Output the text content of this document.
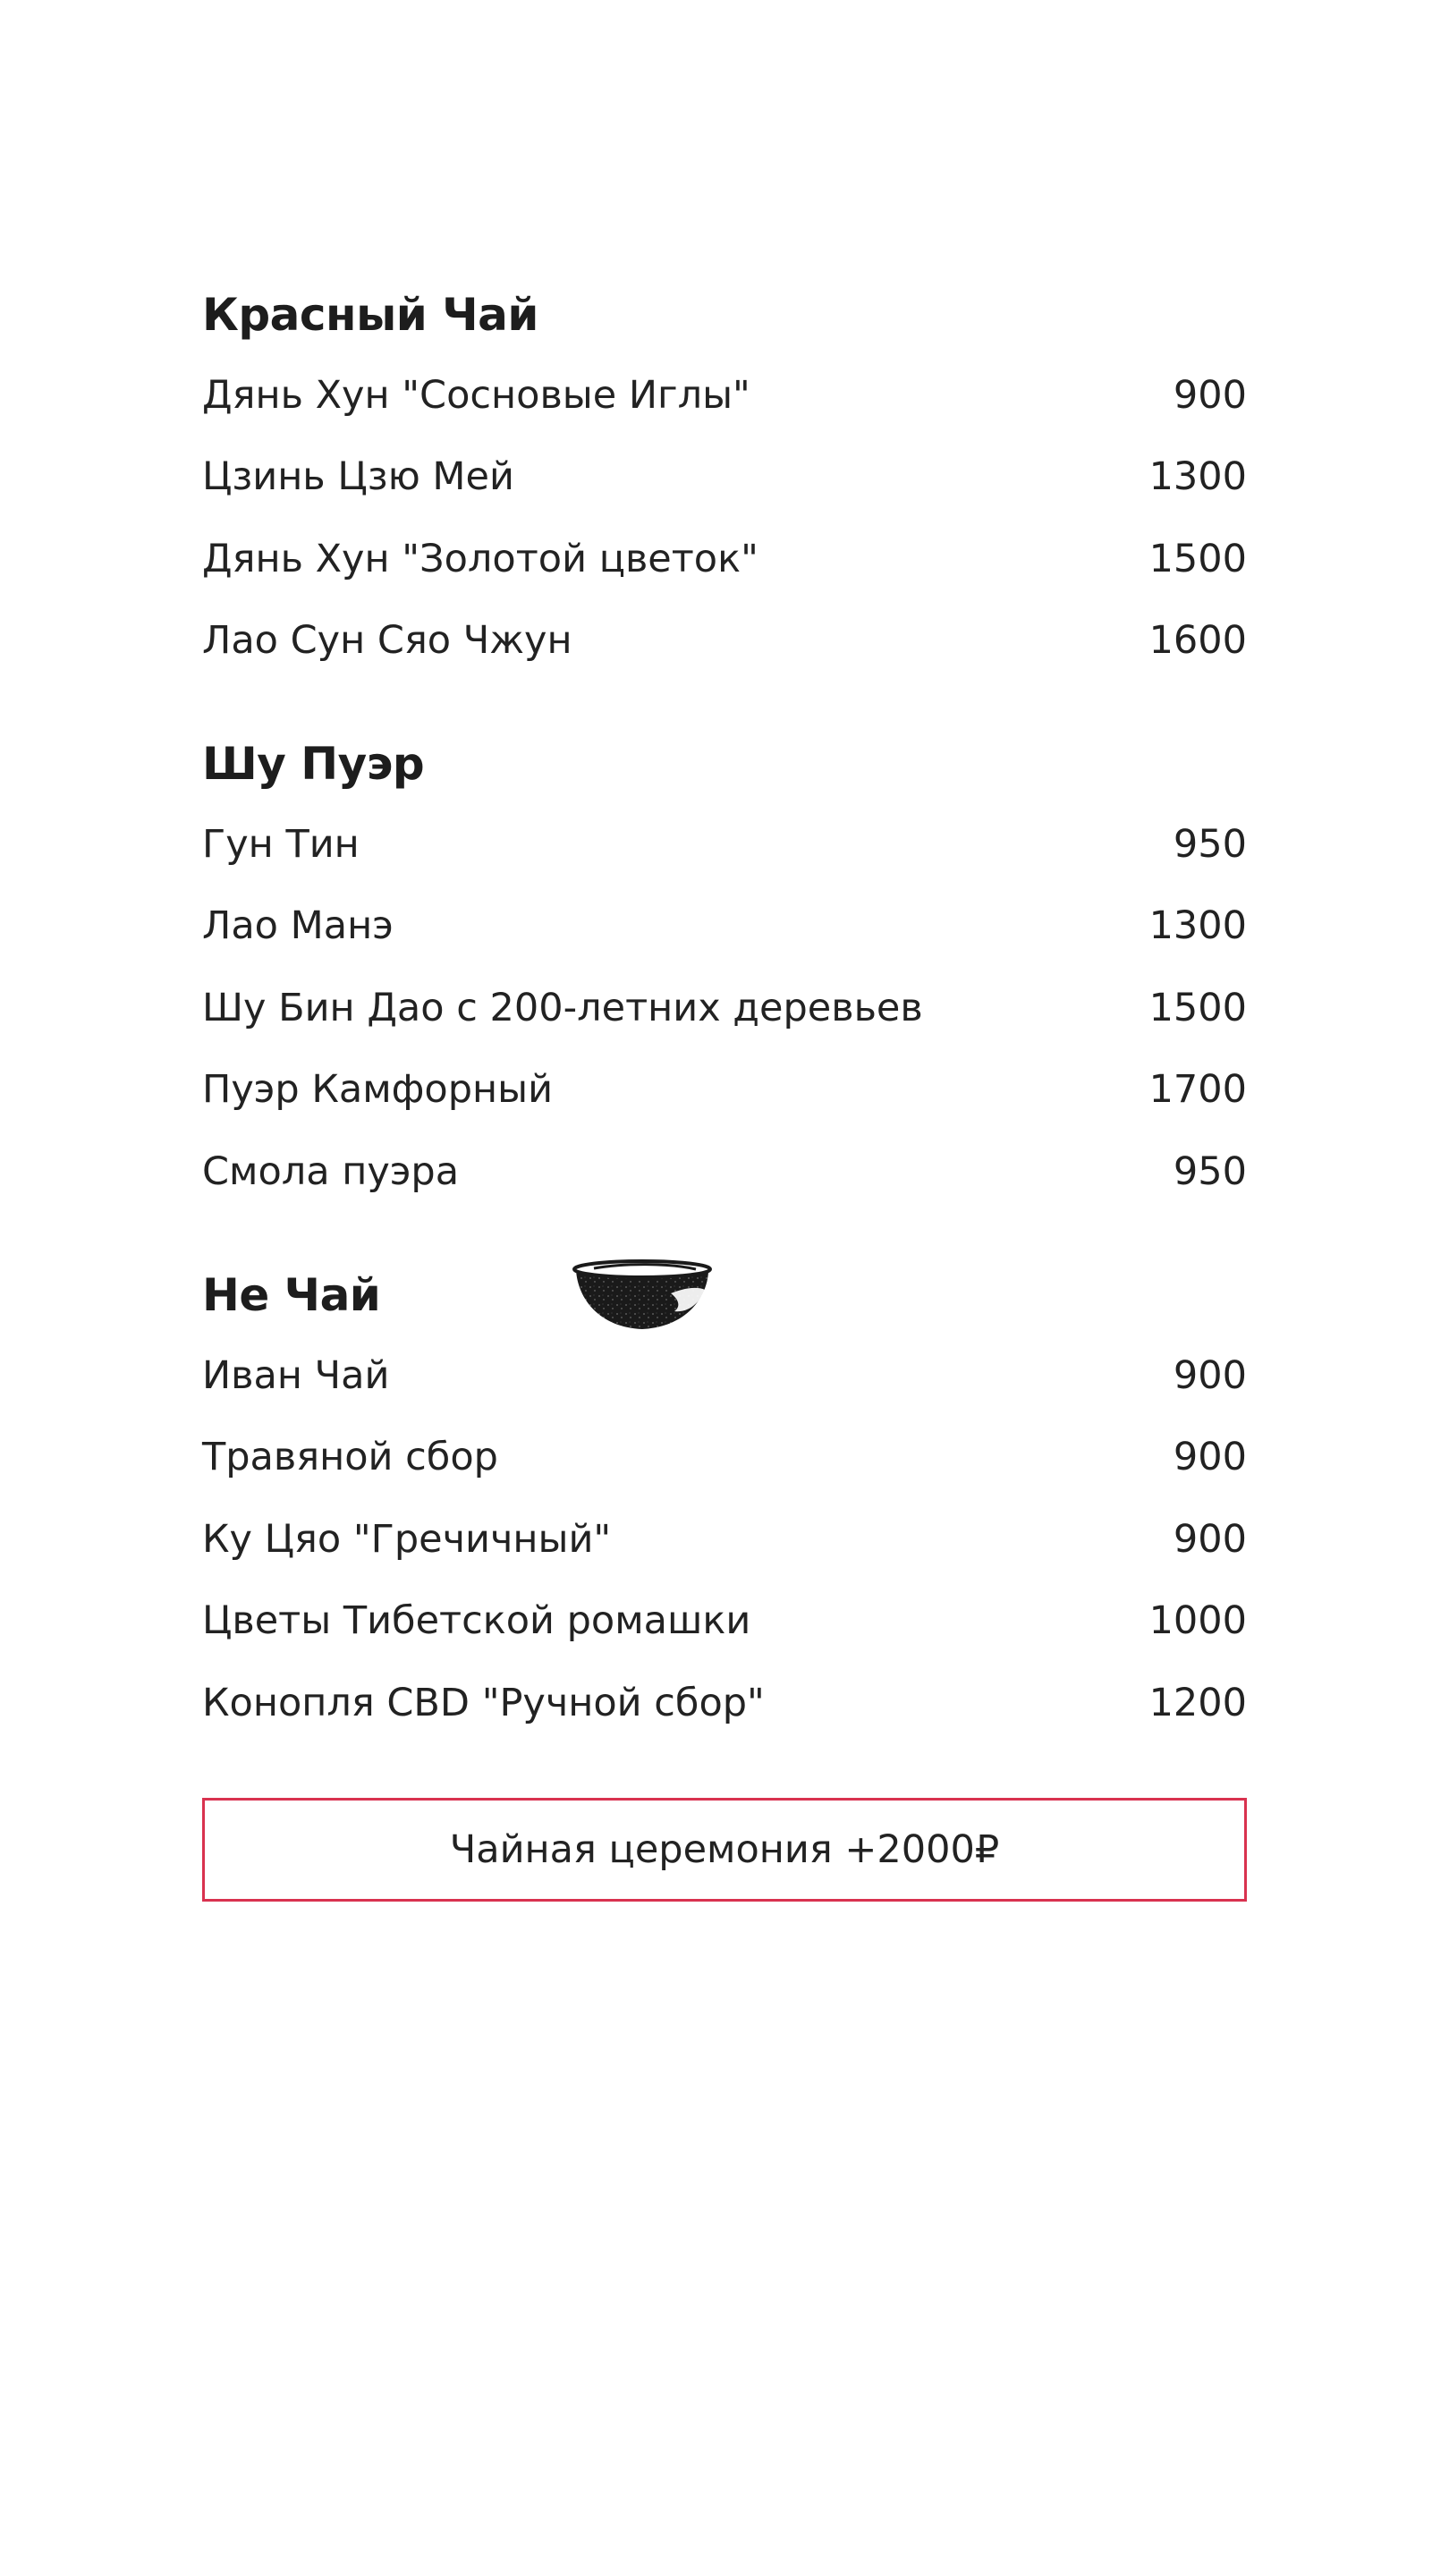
Красный Чай
Дянь Хун "Сосновые Иглы"	900
Цзинь Цзю Мей	1300
Дянь Хун "Золотой цветок"	1500
Лао Сун Сяо Чжун	1600
Шу Пуэр
Гун Тин	950
Лао Манэ	1300
Шу Бин Дао с 200-летних деревьев	1500
Пуэр Камфорный	1700
Смола пуэра	950
Не Чай
Иван Чай	900
Травяной сбор	900
Ку Цяо "Гречичный"	900
Цветы Тибетской ромашки	1000
Конопля CBD "Ручной сбор"	1200
Чайная церемония +2000₽
